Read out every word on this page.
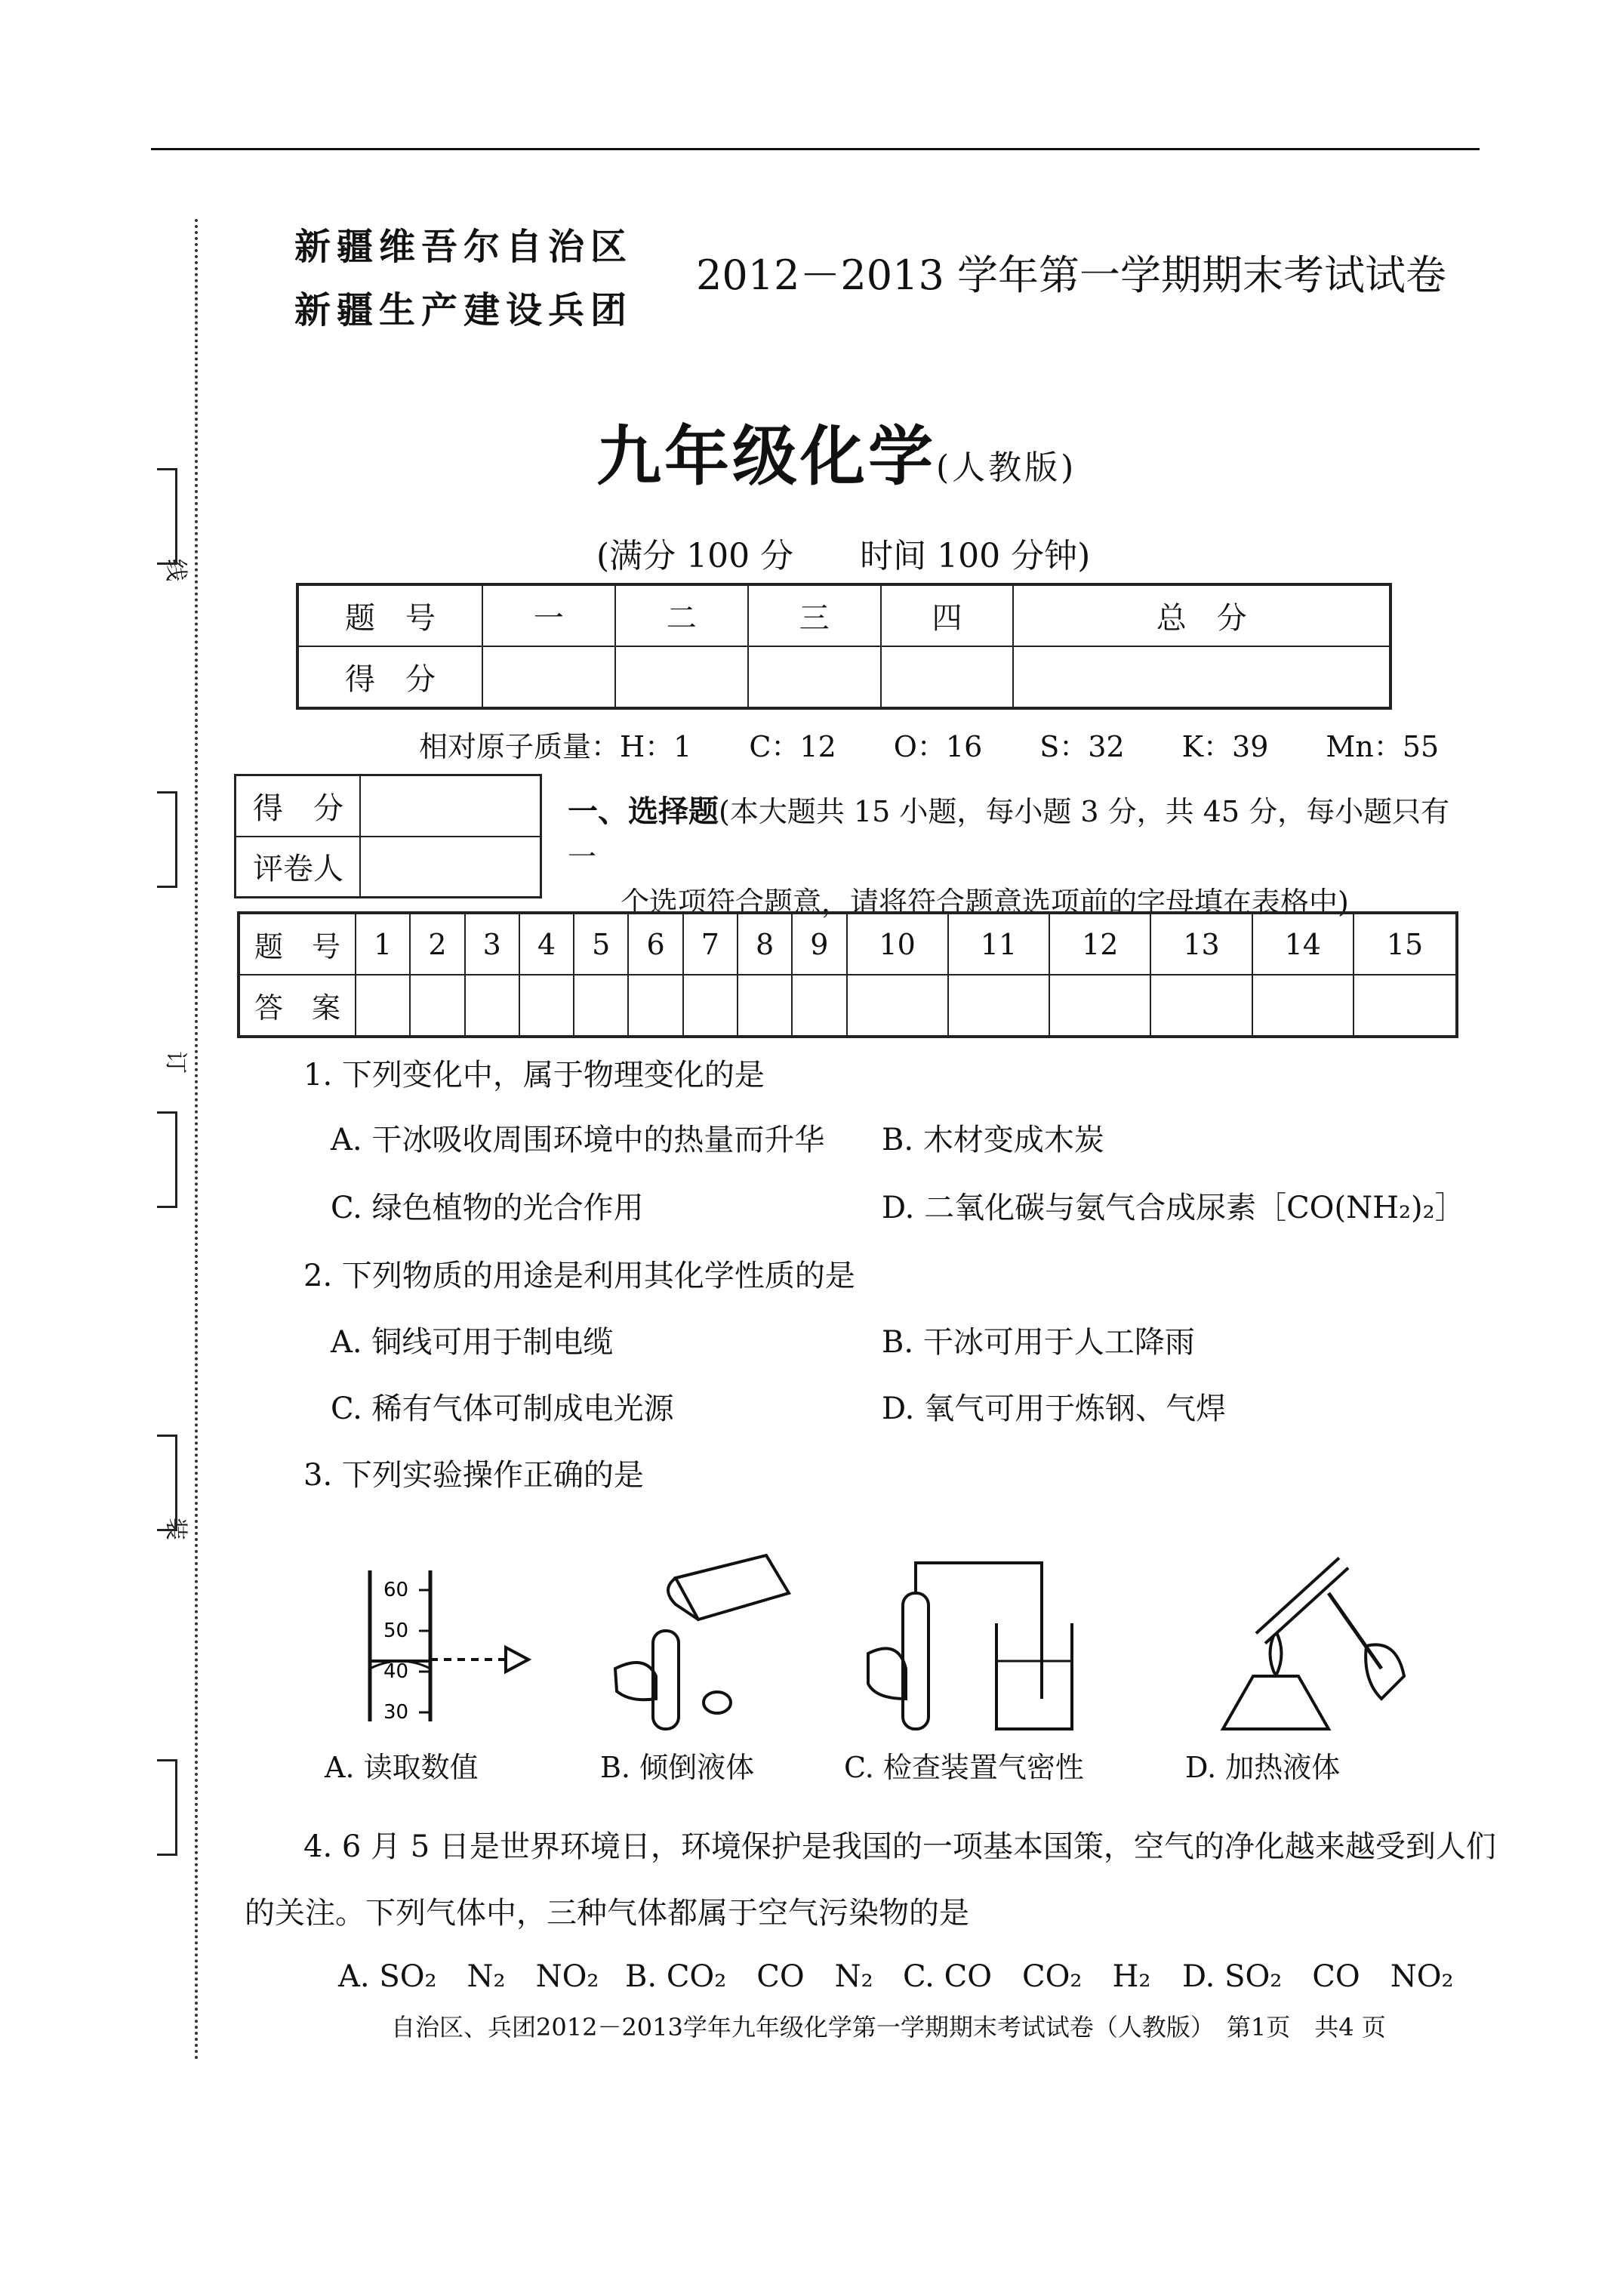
线
订
装
新疆维吾尔自治区
新疆生产建设兵团
2012－2013 学年第一学期期末考试试卷
九年级化学(人教版)
(满分 100 分　　时间 100 分钟)
题　号	一	二	三	四	总　分
得　分					
相对原子质量：H：1　　C：12　　O：16　　S：32　　K：39　　Mn：55
得　分	
评卷人	
一、选择题(本大题共 15 小题，每小题 3 分，共 45 分，每小题只有一
个选项符合题意，请将符合题意选项前的字母填在表格中)
题　号	1	2	3	4	5	6	7	8	9	10	11	12	13	14	15
答　案															
1. 下列变化中，属于物理变化的是
A. 干冰吸收周围环境中的热量而升华 B. 木材变成木炭
C. 绿色植物的光合作用	D. 二氧化碳与氨气合成尿素［CO(NH₂)₂］
2. 下列物质的用途是利用其化学性质的是
A. 铜线可用于制电缆	B. 干冰可用于人工降雨
C. 稀有气体可制成电光源	D. 氧气可用于炼钢、气焊
3. 下列实验操作正确的是
60
50
40
30
A. 读取数值	B. 倾倒液体	C. 检查装置气密性	D. 加热液体
4. 6 月 5 日是世界环境日，环境保护是我国的一项基本国策，空气的净化越来越受到人们
的关注。下列气体中，三种气体都属于空气污染物的是
A. SO₂　N₂　NO₂ B. CO₂　CO　N₂ C. CO　CO₂　H₂ D. SO₂　CO　NO₂
自治区、兵团2012－2013学年九年级化学第一学期期末考试试卷（人教版）　第1页　共4 页
